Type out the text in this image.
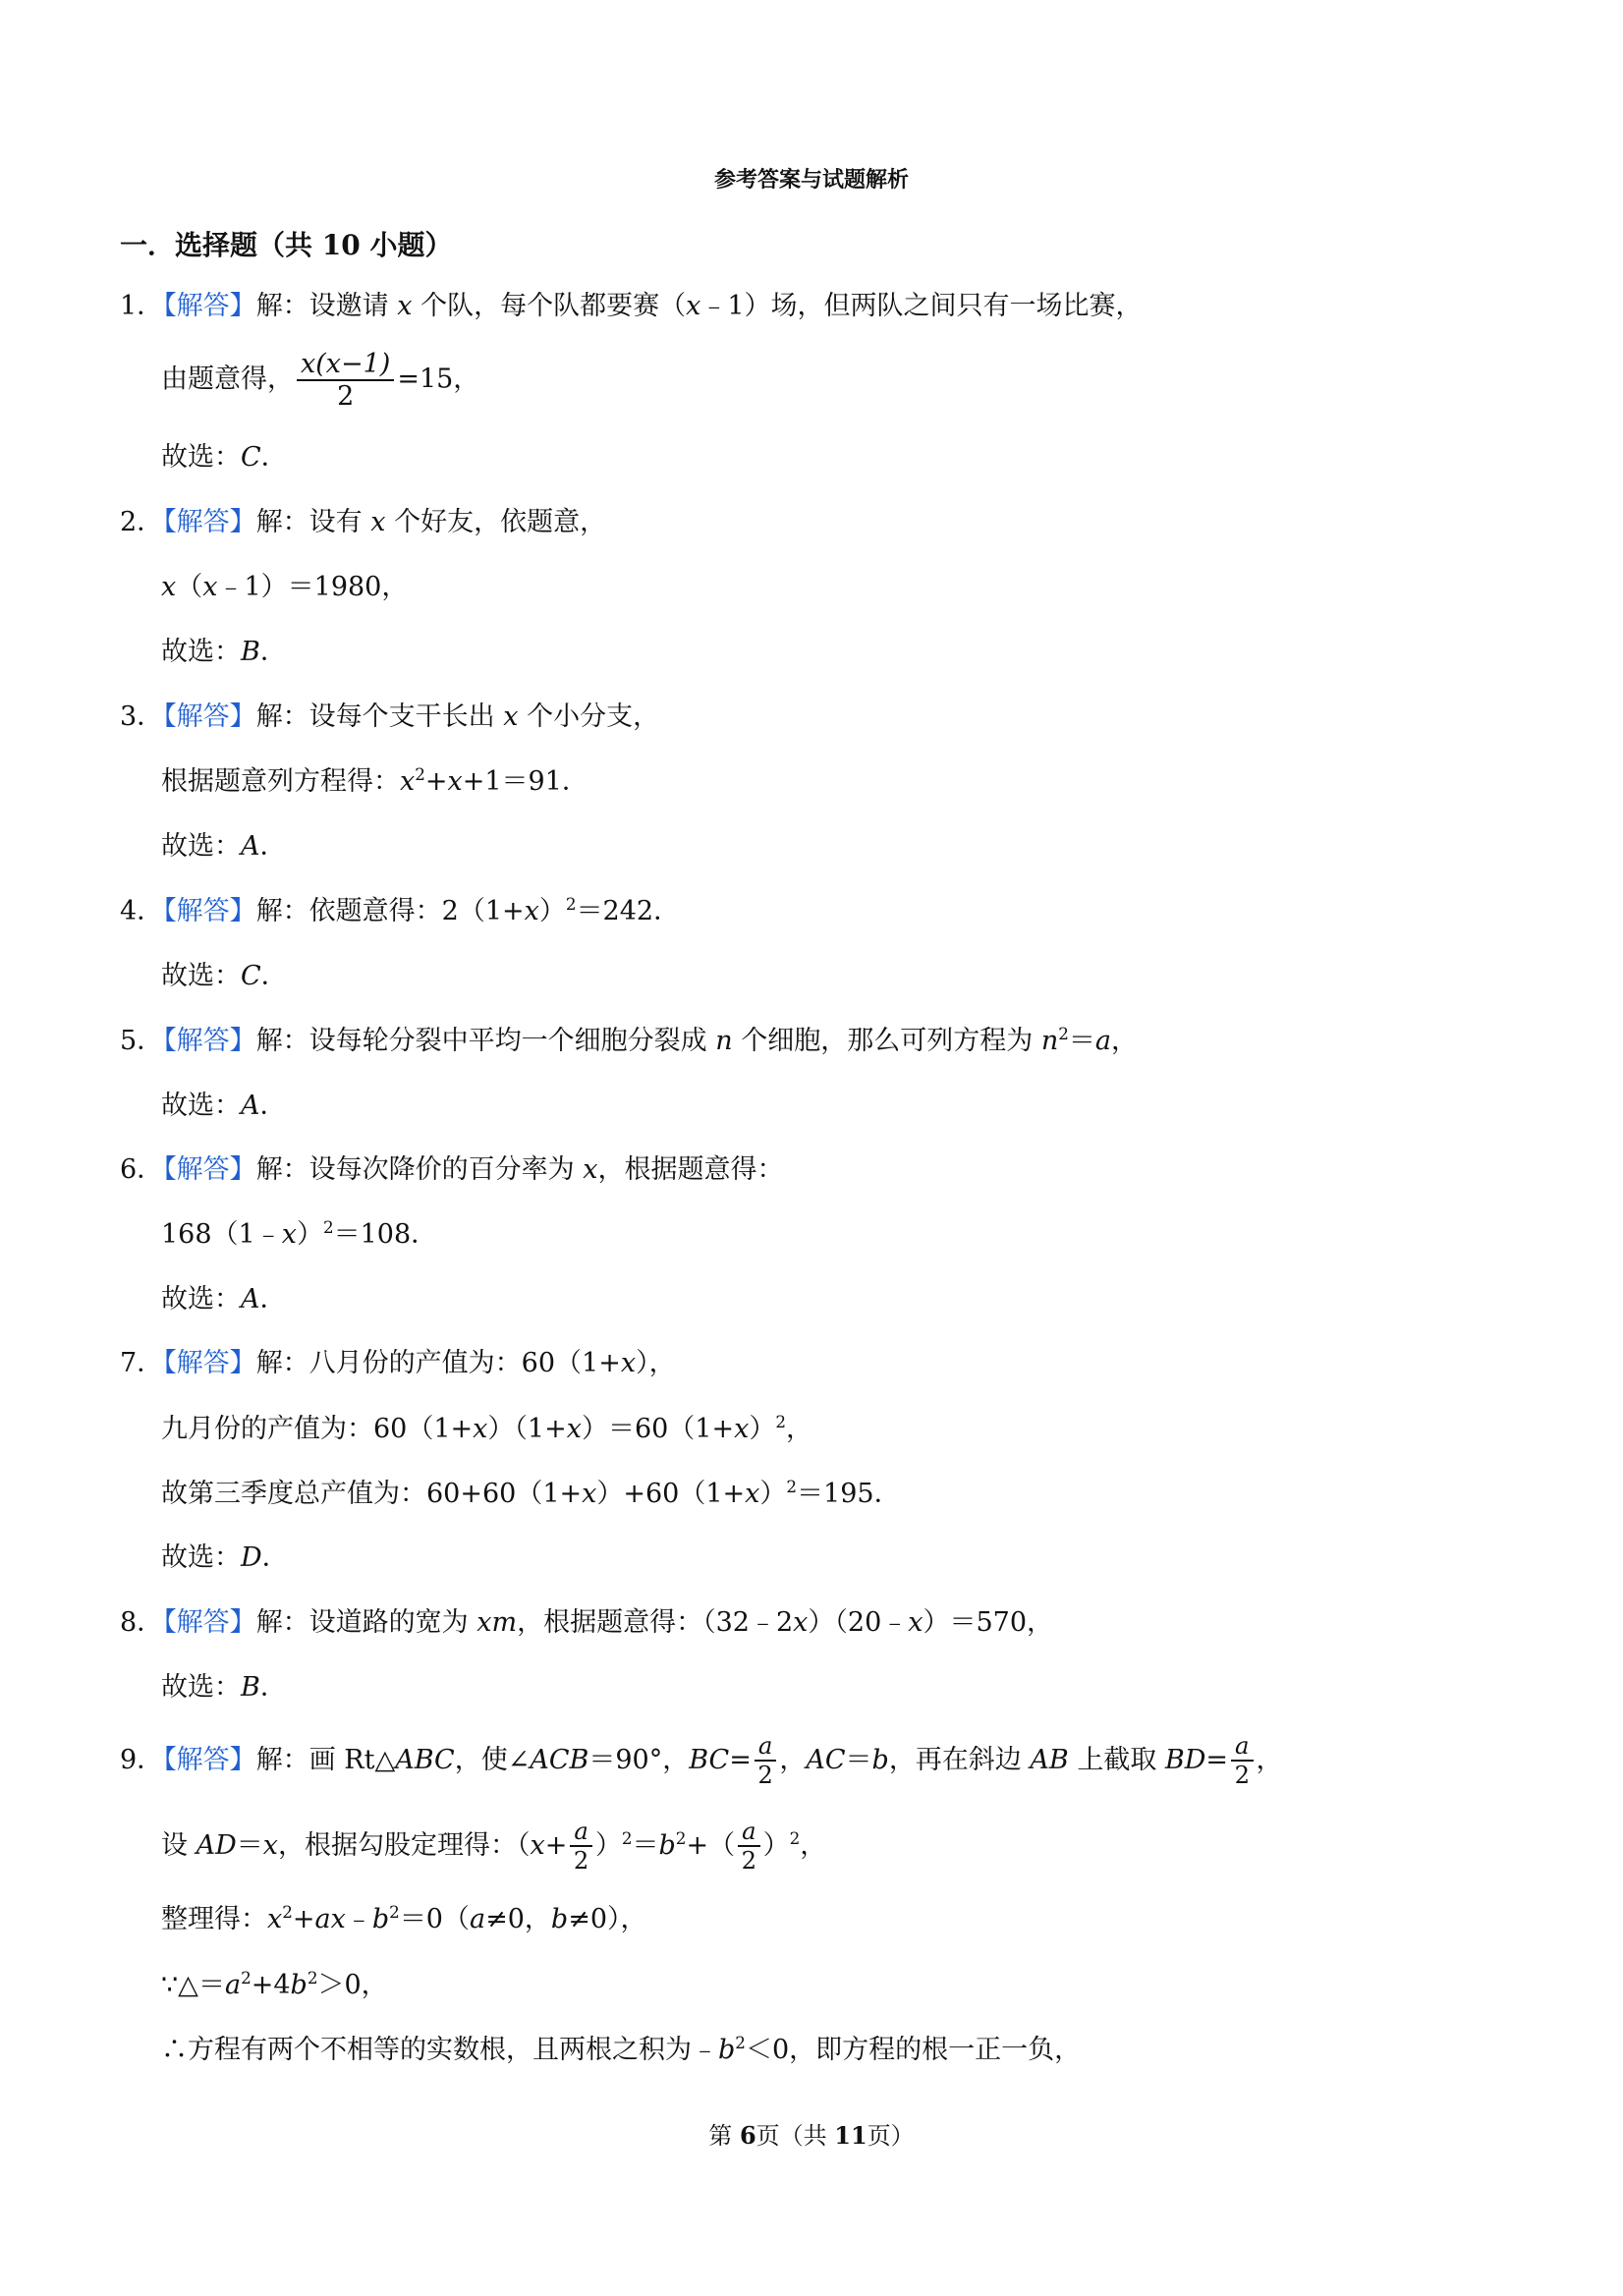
参考答案与试题解析
一．选择题（共 10 小题）
1．【解答】解：设邀请 x 个队，每个队都要赛（x﹣1）场，但两队之间只有一场比赛，
由题意得， $\frac{x(x-1)}{2} =15$，
故选：C．
2．【解答】解：设有 x 个好友，依题意，
x（x﹣1）＝1980，
故选：B．
3．【解答】解：设每个支干长出 x 个小分支，
根据题意列方程得：$x^2+x+1=91$．
故选：A．
4．【解答】解：依题意得：$2(1+x)^2=242$．
故选：C．
5．【解答】解：设每轮分裂中平均一个细胞分裂成 n 个细胞，那么可列方程为 $n^2=a$，
故选：A．
6．【解答】解：设每次降价的百分率为 x，根据题意得：
168（1﹣x）$^2$＝108．
故选：A．
7．【解答】解：八月份的产值为：60（1+x），
九月份的产值为：$60(1+x)(1+x)=60(1+x)^2$，
故第三季度总产值为：$60+60(1+x)+60(1+x)^2=195$．
故选：D．
8．【解答】解：设道路的宽为 xm，根据题意得：（32﹣2x）（20﹣x）＝570，
故选：B．
9．【解答】解：画 Rt△ABC，使∠ACB＝90°，$BC= \frac{a}{2}$ ，AC＝b，再在斜边 AB 上截取 $BD= \frac{a}{2}$ ，
设 AD＝x，根据勾股定理得：$(x+ \frac{a}{2} )^2=b^2+( \frac{a}{2} )^2$，
整理得：$x^2+ax﹣b^2=0(a\ne 0$，b≠0），
$\because\triangle=a^2+4b^2>0$，
∴方程有两个不相等的实数根，且两根之积为$﹣b^2<0$，即方程的根一正一负，
第 6页（共 11页）
